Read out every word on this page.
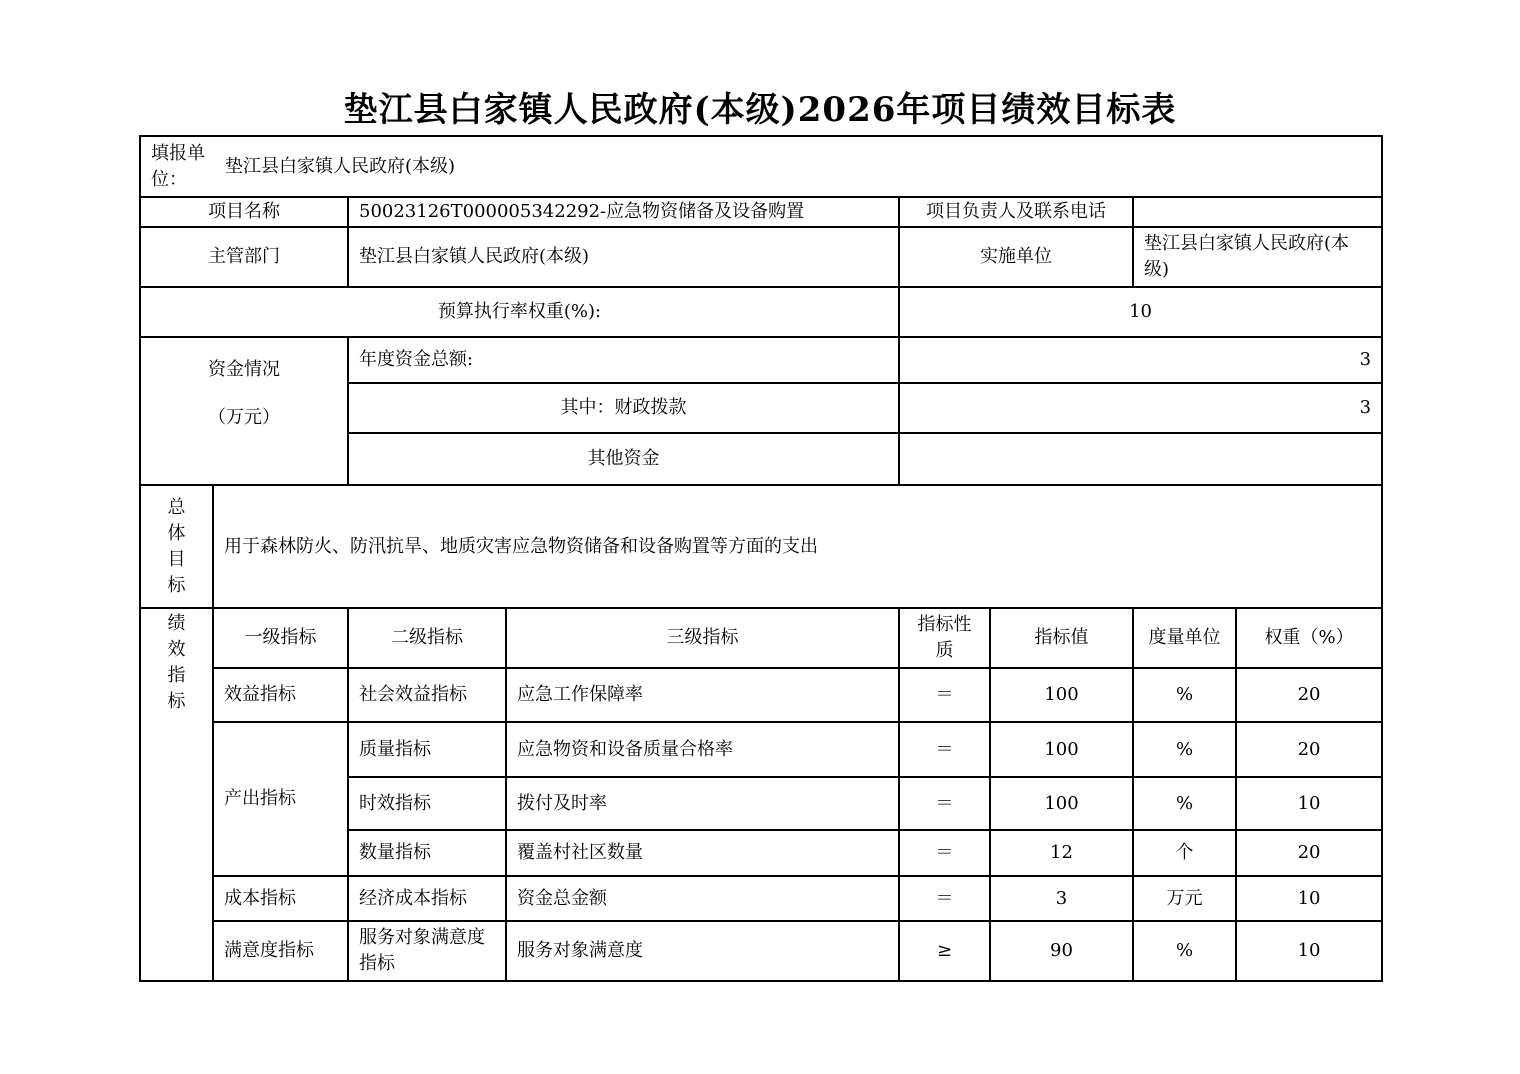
垫江县白家镇人民政府(本级)2026年项目绩效目标表
填报单位：
垫江县白家镇人民政府(本级)							

项目名称		50023126T000005342292-应急物资储备及设备购置		项目负责人及联系电话			
主管部门		垫江县白家镇人民政府(本级)		实施单位		垫江县白家镇人民政府(本级)	
预算执行率权重(%):				10			

资金情况
（万元）		年度资金总额:		3			
		其中：财政拨款		3			
		其他资金					

总
体
目
标	用于森林防火、防汛抗旱、地质灾害应急物资储备和设备购置等方面的支出						

绩
效
指
标	一级指标	二级指标	三级指标	指标性质	指标值	度量单位	权重（%）
	效益指标	社会效益指标	应急工作保障率	＝	100	%	20
	产出指标	质量指标	应急物资和设备质量合格率	＝	100	%	20
		时效指标	拨付及时率	＝	100	%	10
		数量指标	覆盖村社区数量	＝	12	个	20
	成本指标	经济成本指标	资金总金额	＝	3	万元	10
	满意度指标	服务对象满意度指标	服务对象满意度	≥	90	%	10
